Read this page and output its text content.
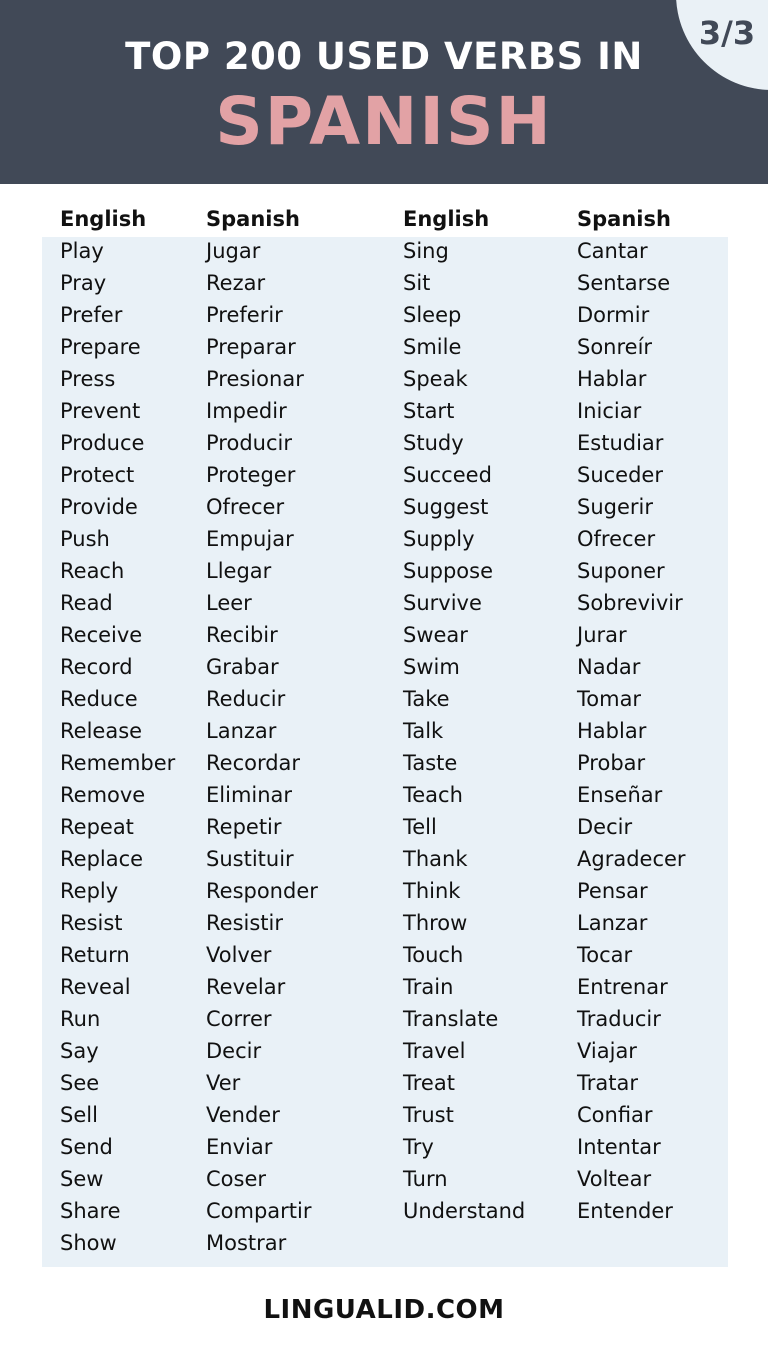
TOP 200 USED VERBS IN
SPANISH
3/3
English
Play
Pray
Prefer
Prepare
Press
Prevent
Produce
Protect
Provide
Push
Reach
Read
Receive
Record
Reduce
Release
Remember
Remove
Repeat
Replace
Reply
Resist
Return
Reveal
Run
Say
See
Sell
Send
Sew
Share
Show
Spanish
Jugar
Rezar
Preferir
Preparar
Presionar
Impedir
Producir
Proteger
Ofrecer
Empujar
Llegar
Leer
Recibir
Grabar
Reducir
Lanzar
Recordar
Eliminar
Repetir
Sustituir
Responder
Resistir
Volver
Revelar
Correr
Decir
Ver
Vender
Enviar
Coser
Compartir
Mostrar
English
Sing
Sit
Sleep
Smile
Speak
Start
Study
Succeed
Suggest
Supply
Suppose
Survive
Swear
Swim
Take
Talk
Taste
Teach
Tell
Thank
Think
Throw
Touch
Train
Translate
Travel
Treat
Trust
Try
Turn
Understand
Spanish
Cantar
Sentarse
Dormir
Sonreír
Hablar
Iniciar
Estudiar
Suceder
Sugerir
Ofrecer
Suponer
Sobrevivir
Jurar
Nadar
Tomar
Hablar
Probar
Enseñar
Decir
Agradecer
Pensar
Lanzar
Tocar
Entrenar
Traducir
Viajar
Tratar
Confiar
Intentar
Voltear
Entender
LINGUALID.COM
